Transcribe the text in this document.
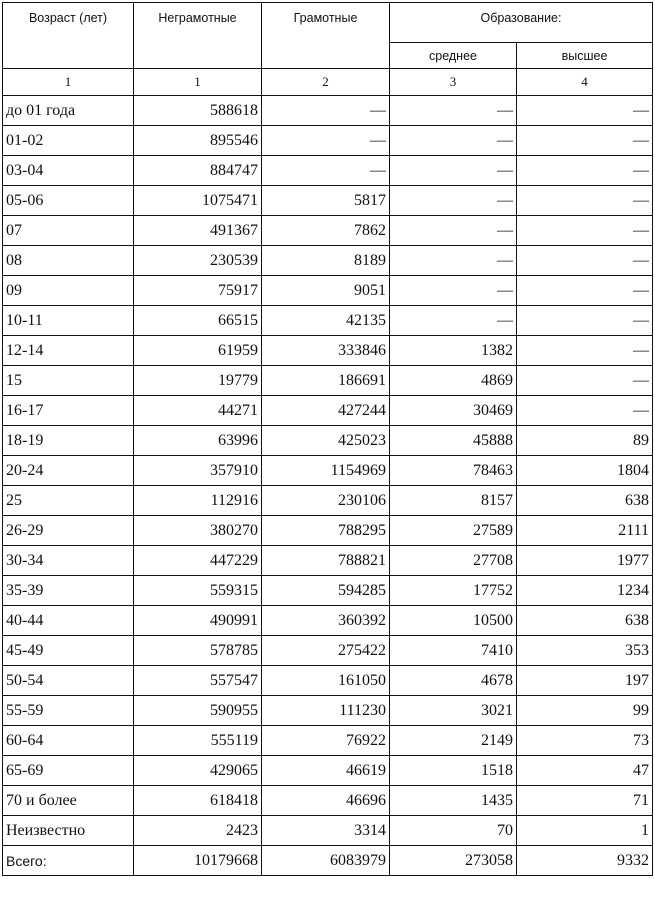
Возраст (лет)	Неграмотные	Грамотные	Образование:	
			среднее	высшее
1	1	2	3	4
до 01 года	588618	—	—	—
01-02	895546	—	—	—
03-04	884747	—	—	—
05-06	1075471	5817	—	—
07	491367	7862	—	—
08	230539	8189	—	—
09	75917	9051	—	—
10-11	66515	42135	—	—
12-14	61959	333846	1382	—
15	19779	186691	4869	—
16-17	44271	427244	30469	—
18-19	63996	425023	45888	89
20-24	357910	1154969	78463	1804
25	112916	230106	8157	638
26-29	380270	788295	27589	2111
30-34	447229	788821	27708	1977
35-39	559315	594285	17752	1234
40-44	490991	360392	10500	638
45-49	578785	275422	7410	353
50-54	557547	161050	4678	197
55-59	590955	111230	3021	99
60-64	555119	76922	2149	73
65-69	429065	46619	1518	47
70 и более	618418	46696	1435	71
Неизвестно	2423	3314	70	1
Всего:	10179668	6083979	273058	9332
